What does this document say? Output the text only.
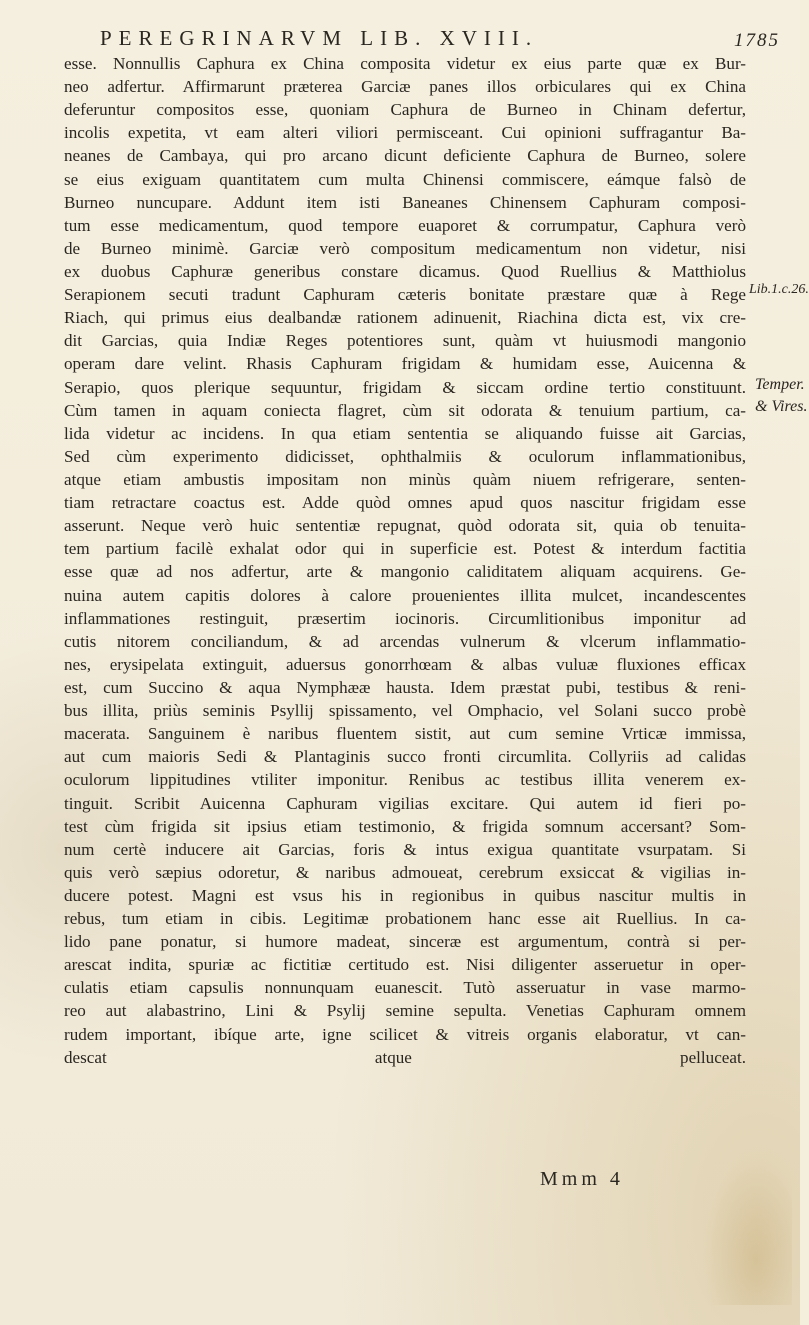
PEREGRINARVM LIB. XVIII.	1785
esse. Nonnullis Caphura ex China composita videtur ex eius parte quæ ex Bur-
neo adfertur. Affirmarunt præterea Garciæ panes illos orbiculares qui ex China
deferuntur compositos esse, quoniam Caphura de Burneo in Chinam defertur,
incolis expetita, vt eam alteri viliori permisceant. Cui opinioni suffragantur Ba-
neanes de Cambaya, qui pro arcano dicunt deficiente Caphura de Burneo, solere
se eius exiguam quantitatem cum multa Chinensi commiscere, eámque falsò de
Burneo nuncupare. Addunt item isti Baneanes Chinensem Caphuram composi-
tum esse medicamentum, quod tempore euaporet & corrumpatur, Caphura verò
de Burneo minimè. Garciæ verò compositum medicamentum non videtur, nisi
ex duobus Caphuræ generibus constare dicamus. Quod Ruellius & Matthiolus
Serapionem secuti tradunt Caphuram cæteris bonitate præstare quæ à Rege
Riach, qui primus eius dealbandæ rationem adinuenit, Riachina dicta est, vix cre-
dit Garcias, quia Indiæ Reges potentiores sunt, quàm vt huiusmodi mangonio
operam dare velint. Rhasis Caphuram frigidam & humidam esse, Auicenna &
Serapio, quos plerique sequuntur, frigidam & siccam ordine tertio constituunt.
Cùm tamen in aquam coniecta flagret, cùm sit odorata & tenuium partium, ca-
lida videtur ac incidens. In qua etiam sententia se aliquando fuisse ait Garcias,
Sed cùm experimento didicisset, ophthalmiis & oculorum inflammationibus,
atque etiam ambustis impositam non minùs quàm niuem refrigerare, senten-
tiam retractare coactus est. Adde quòd omnes apud quos nascitur frigidam esse
asserunt. Neque verò huic sententiæ repugnat, quòd odorata sit, quia ob tenuita-
tem partium facilè exhalat odor qui in superficie est. Potest & interdum factitia
esse quæ ad nos adfertur, arte & mangonio caliditatem aliquam acquirens. Ge-
nuina autem capitis dolores à calore prouenientes illita mulcet, incandescentes
inflammationes restinguit, præsertim iocinoris. Circumlitionibus imponitur ad
cutis nitorem conciliandum, & ad arcendas vulnerum & vlcerum inflammatio-
nes, erysipelata extinguit, aduersus gonorrhœam & albas vuluæ fluxiones efficax
est, cum Succino & aqua Nymphææ hausta. Idem præstat pubi, testibus & reni-
bus illita, priùs seminis Psyllij spissamento, vel Omphacio, vel Solani succo probè
macerata. Sanguinem è naribus fluentem sistit, aut cum semine Vrticæ immissa,
aut cum maioris Sedi & Plantaginis succo fronti circumlita. Collyriis ad calidas
oculorum lippitudines vtiliter imponitur. Renibus ac testibus illita venerem ex-
tinguit. Scribit Auicenna Caphuram vigilias excitare. Qui autem id fieri po-
test cùm frigida sit ipsius etiam testimonio, & frigida somnum accersant? Som-
num certè inducere ait Garcias, foris & intus exigua quantitate vsurpatam. Si
quis verò sæpius odoretur, & naribus admoueat, cerebrum exsiccat & vigilias in-
ducere potest. Magni est vsus his in regionibus in quibus nascitur multis in
rebus, tum etiam in cibis. Legitimæ probationem hanc esse ait Ruellius. In ca-
lido pane ponatur, si humore madeat, sinceræ est argumentum, contrà si per-
arescat indita, spuriæ ac fictitiæ certitudo est. Nisi diligenter asseruetur in oper-
culatis etiam capsulis nonnunquam euanescit. Tutò asseruatur in vase marmo-
reo aut alabastrino, Lini & Psylij semine sepulta. Venetias Caphuram omnem
rudem important, ibíque arte, igne scilicet & vitreis organis elaboratur, vt can-
descat atque pelluceat.
Lib.1.c.26.
Temper.
& Vires.
Mmm 4
